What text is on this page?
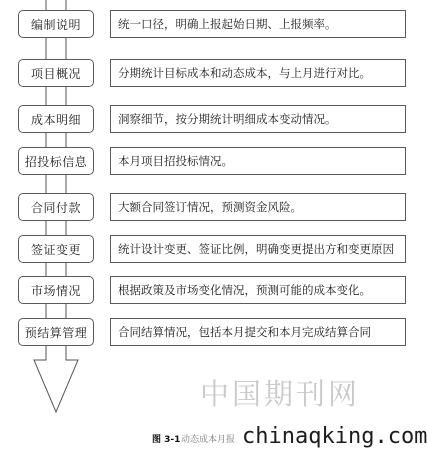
编制说明	统一口径，明确上报起始日期、上报频率。
项目概况	分期统计目标成本和动态成本，与上月进行对比。
成本明细	洞察细节，按分期统计明细成本变动情况。
招投标信息	本月项目招投标情况。
合同付款	大额合同签订情况，预测资金风险。
签证变更	统计设计变更、签证比例，明确变更提出方和变更原因
市场情况	根据政策及市场变化情况，预测可能的成本变化。
预结算管理	合同结算情况，包括本月提交和本月完成结算合同
中国期刊网
图 3-1 动态成本月报 chinaqking.com
